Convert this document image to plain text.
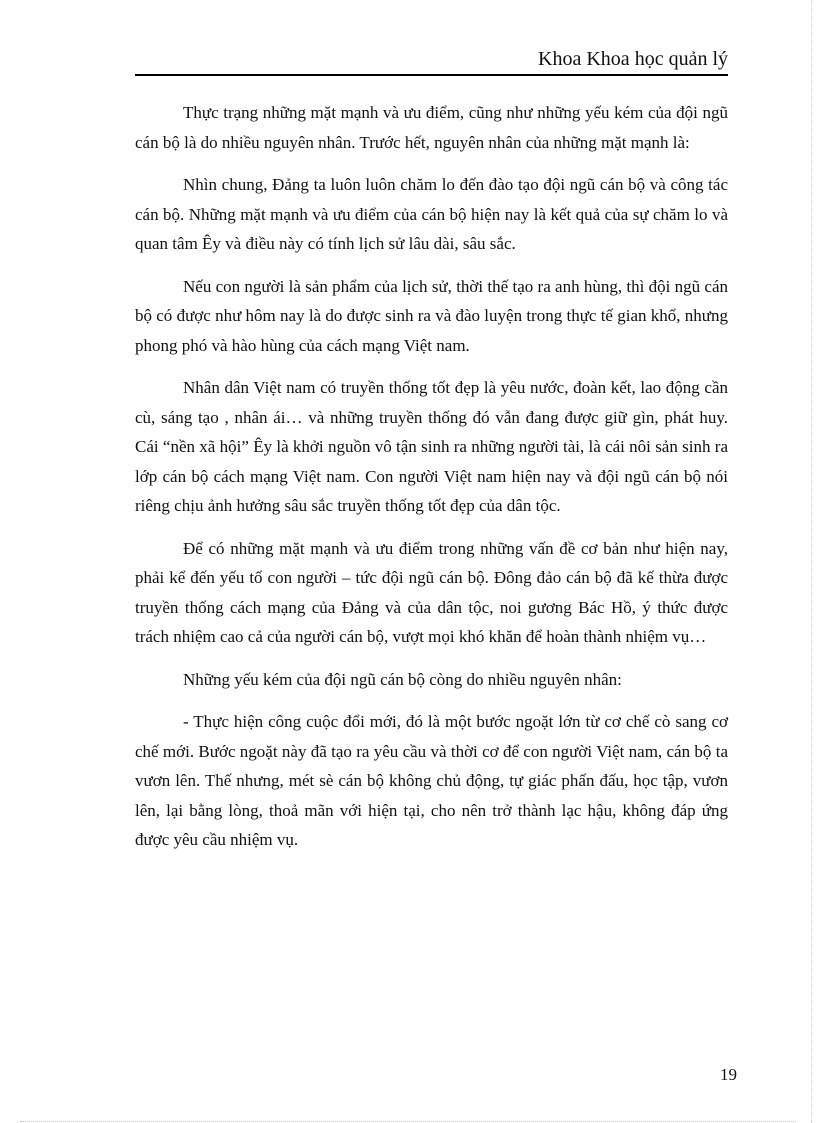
Khoa Khoa học quản lý

Thực trạng những mặt mạnh và ưu điểm, cũng như những yếu kém của đội ngũ cán bộ là do nhiều nguyên nhân. Trước hết, nguyên nhân của những mặt mạnh là:

Nhìn chung, Đảng ta luôn luôn chăm lo đến đào tạo đội ngũ cán bộ và công tác cán bộ. Những mặt mạnh và ưu điểm của cán bộ hiện nay là kết quả của sự chăm lo và quan tâm Êy và điều này có tính lịch sử lâu dài, sâu sắc.

Nếu con người là sản phẩm của lịch sử, thời thế tạo ra anh hùng, thì đội ngũ cán bộ có được như hôm nay là do được sinh ra và đào luyện trong thực tế gian khổ, nhưng phong phó và hào hùng của cách mạng Việt nam.

Nhân dân Việt nam có truyền thống tốt đẹp là yêu nước, đoàn kết, lao động cần cù, sáng tạo , nhân ái… và những truyền thống đó vẫn đang được giữ gìn, phát huy. Cái “nền xã hội” Êy là khởi nguồn vô tận sinh ra những người tài, là cái nôi sản sinh ra lớp cán bộ cách mạng Việt nam. Con người Việt nam hiện nay và đội ngũ cán bộ nói riêng chịu ảnh hưởng sâu sắc truyền thống tốt đẹp của dân tộc.

Để có những mặt mạnh và ưu điểm trong những vấn đề cơ bản như hiện nay, phải kể đến yếu tố con người – tức đội ngũ cán bộ. Đông đảo cán bộ đã kế thừa được truyền thống cách mạng của Đảng và của dân tộc, noi gương Bác Hồ, ý thức được trách nhiệm cao cả của người cán bộ, vượt mọi khó khăn để hoàn thành nhiệm vụ…

Những yếu kém của đội ngũ cán bộ còng do nhiều nguyên nhân:

- Thực hiện công cuộc đổi mới, đó là một bước ngoặt lớn từ cơ chế cò sang cơ chế mới. Bước ngoặt này đã tạo ra yêu cầu và thời cơ để con người Việt nam, cán bộ ta vươn lên. Thế nhưng, mét sè cán bộ không chủ động, tự giác phấn đấu, học tập, vươn lên, lại bằng lòng, thoả mãn với hiện tại, cho nên trở thành lạc hậu, không đáp ứng được yêu cầu nhiệm vụ.

19
